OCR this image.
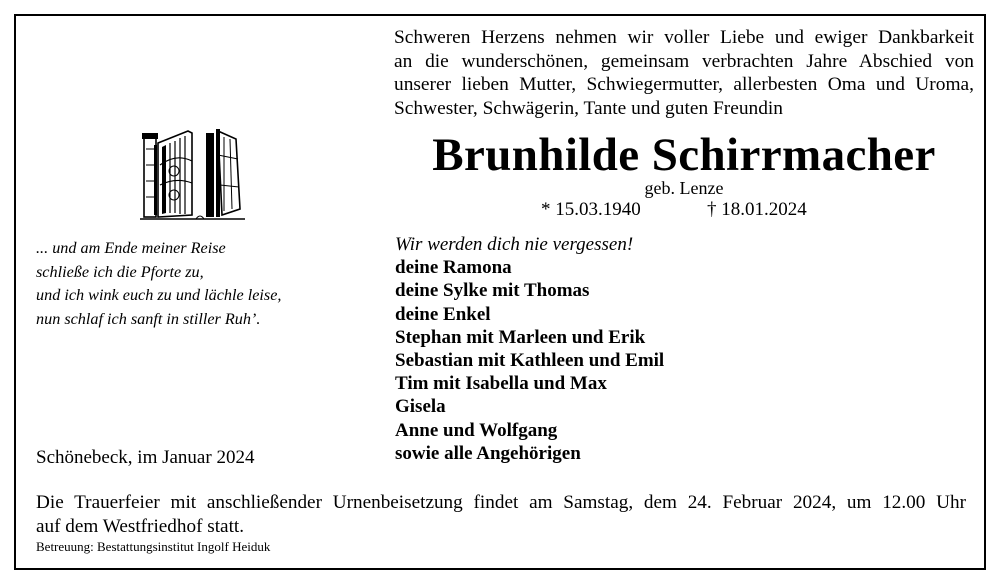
Schweren Herzens nehmen wir voller Liebe und ewiger Dankbarkeit
an die wunderschönen, gemeinsam verbrachten Jahre Abschied von
unserer lieben Mutter, Schwiegermutter, allerbesten Oma und Uroma,
Schwester, Schwägerin, Tante und guten Freundin

Brunhilde Schirrmacher
geb. Lenze
* 15.03.1940	† 18.01.2024
... und am Ende meiner Reise
schließe ich die Pforte zu,
und ich wink euch zu und lächle leise,
nun schlaf ich sanft in stiller Ruh’.
Wir werden dich nie vergessen!
deine Ramona
deine Sylke mit Thomas
deine Enkel
Stephan mit Marleen und Erik
Sebastian mit Kathleen und Emil
Tim mit Isabella und Max
Gisela
Anne und Wolfgang
sowie alle Angehörigen
Schönebeck, im Januar 2024
Die Trauerfeier mit anschließender Urnenbeisetzung findet am Samstag, dem 24. Februar 2024, um 12.00 Uhr
auf dem Westfriedhof statt.
Betreuung: Bestattungsinstitut Ingolf Heiduk
